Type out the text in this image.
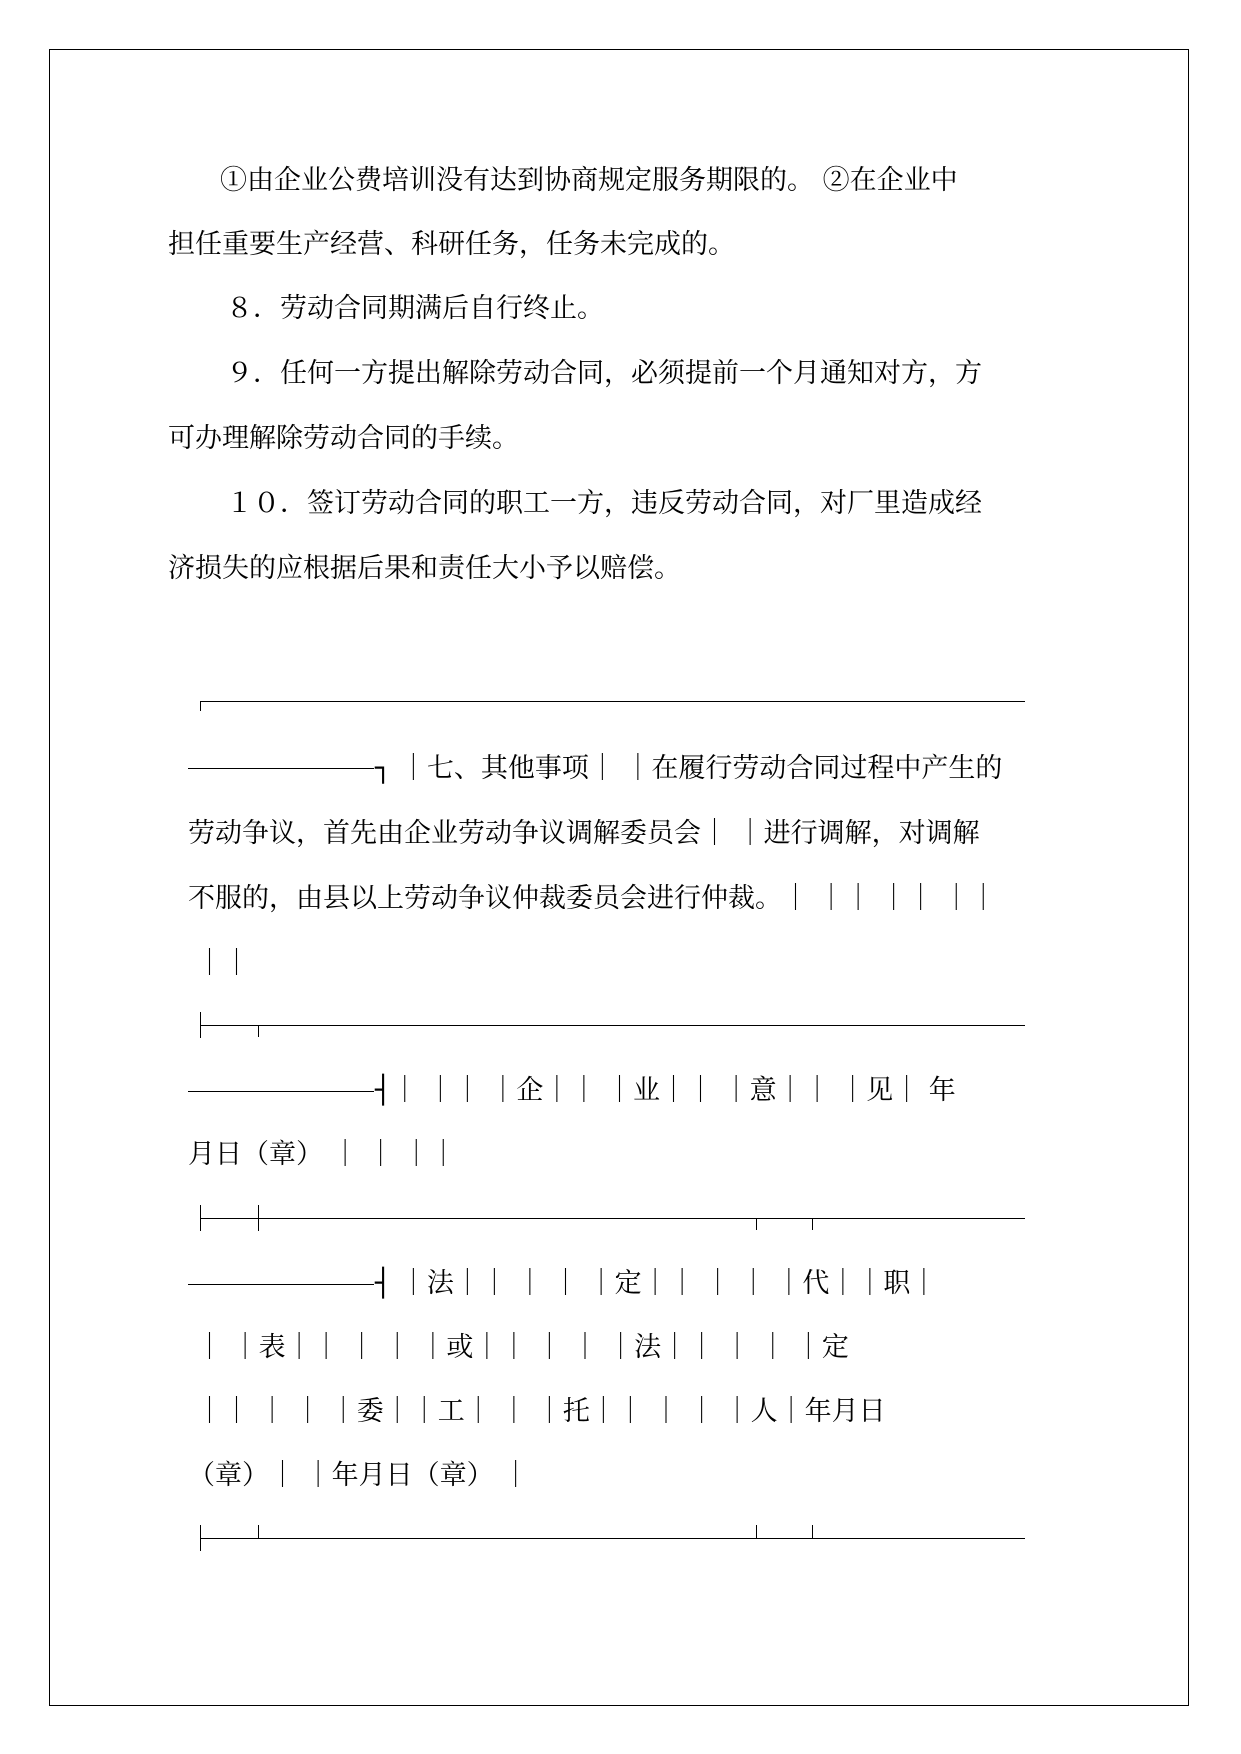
①由企业公费培训没有达到协商规定服务期限的。 ②在企业中
担任重要生产经营、科研任务，任务未完成的。
８．劳动合同期满后自行终止。
９．任何一方提出解除劳动合同，必须提前一个月通知对方，方
可办理解除劳动合同的手续。
１０．签订劳动合同的职工一方，违反劳动合同，对厂里造成经
济损失的应根据后果和责任大小予以赔偿。
┐ ｜七、其他事项｜ ｜在履行劳动合同过程中产生的
劳动争议，首先由企业劳动争议调解委员会｜ ｜进行调解，对调解
不服的，由县以上劳动争议仲裁委员会进行仲裁。｜ ｜｜ ｜｜ ｜｜
｜｜
┤｜ ｜｜ ｜企｜｜ ｜业｜｜ ｜意｜｜ ｜见｜ 年
月日（章） ｜ ｜ ｜｜
┤ ｜法｜｜ ｜ ｜ ｜定｜｜ ｜ ｜ ｜代｜｜职｜
｜ ｜表｜｜ ｜ ｜ ｜或｜｜ ｜ ｜ ｜法｜｜ ｜ ｜ ｜定
｜｜ ｜ ｜ ｜委｜｜工｜ ｜ ｜托｜｜ ｜ ｜ ｜人｜年月日
（章）｜ ｜年月日（章） ｜
